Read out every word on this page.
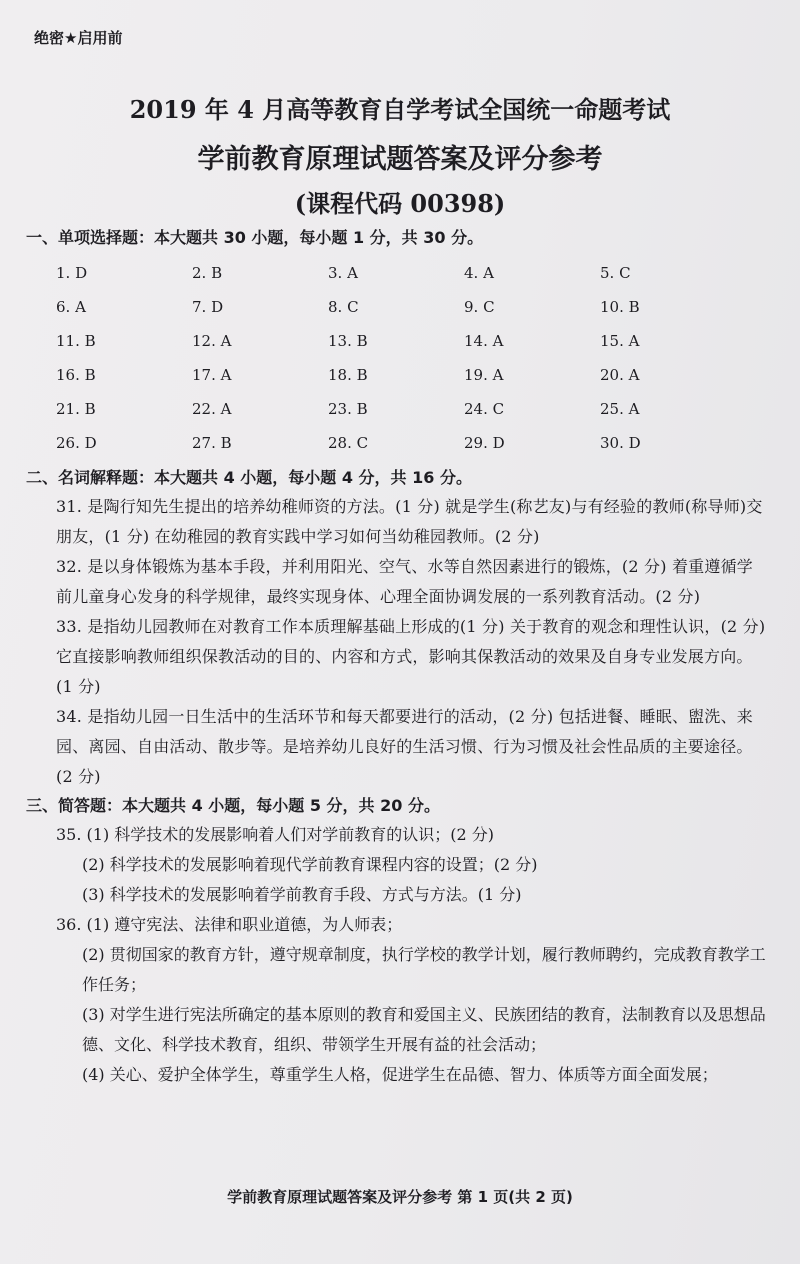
绝密★启用前
2019 年 4 月高等教育自学考试全国统一命题考试
学前教育原理试题答案及评分参考
(课程代码 00398)
一、单项选择题：本大题共 30 小题，每小题 1 分，共 30 分。
1. D	2. B	3. A	4. A	5. C
6. A	7. D	8. C	9. C	10. B
11. B	12. A	13. B	14. A	15. A
16. B	17. A	18. B	19. A	20. A
21. B	22. A	23. B	24. C	25. A
26. D	27. B	28. C	29. D	30. D
二、名词解释题：本大题共 4 小题，每小题 4 分，共 16 分。
31. 是陶行知先生提出的培养幼稚师资的方法。(1 分) 就是学生(称艺友)与有经验的教师(称导师)交朋友，(1 分) 在幼稚园的教育实践中学习如何当幼稚园教师。(2 分)
32. 是以身体锻炼为基本手段，并利用阳光、空气、水等自然因素进行的锻炼，(2 分) 着重遵循学前儿童身心发身的科学规律，最终实现身体、心理全面协调发展的一系列教育活动。(2 分)
33. 是指幼儿园教师在对教育工作本质理解基础上形成的(1 分) 关于教育的观念和理性认识，(2 分) 它直接影响教师组织保教活动的目的、内容和方式，影响其保教活动的效果及自身专业发展方向。(1 分)
34. 是指幼儿园一日生活中的生活环节和每天都要进行的活动，(2 分) 包括进餐、睡眠、盥洗、来园、离园、自由活动、散步等。是培养幼儿良好的生活习惯、行为习惯及社会性品质的主要途径。(2 分)
三、简答题：本大题共 4 小题，每小题 5 分，共 20 分。
35. (1) 科学技术的发展影响着人们对学前教育的认识；(2 分)
(2) 科学技术的发展影响着现代学前教育课程内容的设置；(2 分)
(3) 科学技术的发展影响着学前教育手段、方式与方法。(1 分)
36. (1) 遵守宪法、法律和职业道德，为人师表；
(2) 贯彻国家的教育方针，遵守规章制度，执行学校的教学计划，履行教师聘约，完成教育教学工作任务；
(3) 对学生进行宪法所确定的基本原则的教育和爱国主义、民族团结的教育，法制教育以及思想品德、文化、科学技术教育，组织、带领学生开展有益的社会活动；
(4) 关心、爱护全体学生，尊重学生人格，促进学生在品德、智力、体质等方面全面发展；
学前教育原理试题答案及评分参考 第 1 页(共 2 页)
